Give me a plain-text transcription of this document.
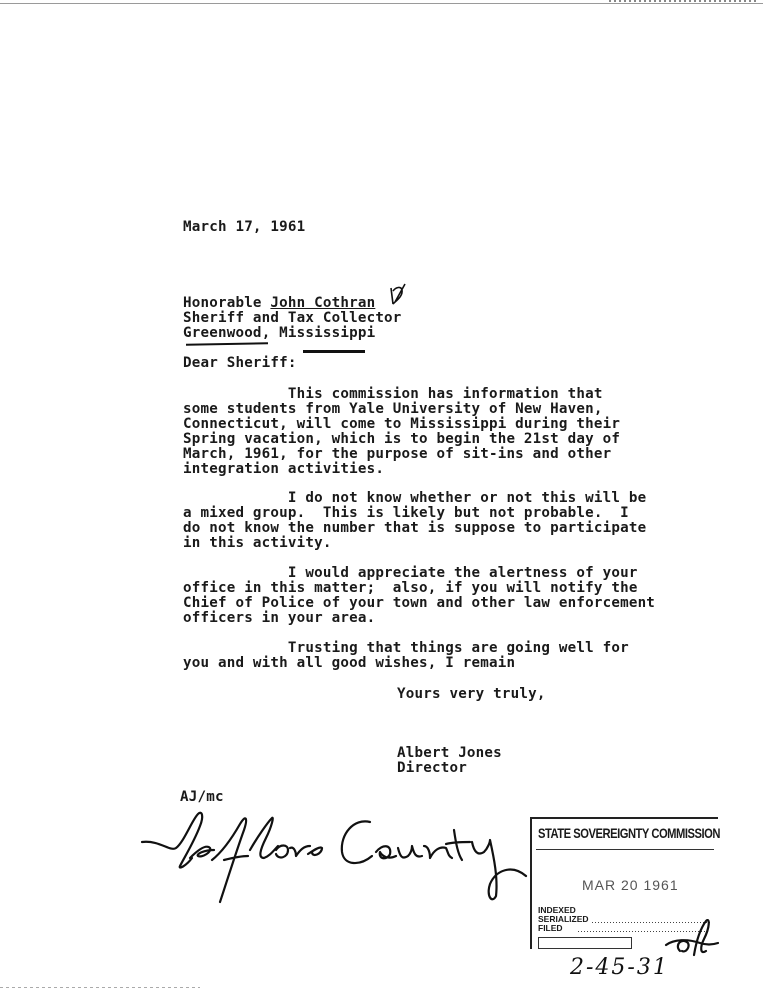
March 17, 1961
Honorable John Cothran
Sheriff and Tax Collector
Greenwood, Mississippi
Dear Sheriff:
This commission has information that
some students from Yale University of New Haven,
Connecticut, will come to Mississippi during their
Spring vacation, which is to begin the 21st day of
March, 1961, for the purpose of sit-ins and other
integration activities.
I do not know whether or not this will be
a mixed group.  This is likely but not probable.  I
do not know the number that is suppose to participate
in this activity.
I would appreciate the alertness of your
office in this matter;  also, if you will notify the
Chief of Police of your town and other law enforcement
officers in your area.
Trusting that things are going well for
you and with all good wishes, I remain
Yours very truly,
Albert Jones
Director
AJ/mc
STATE SOVEREIGNTY COMMISSION
MAR 20 1961
INDEXED
SERIALIZED
FILED
2-45-31
